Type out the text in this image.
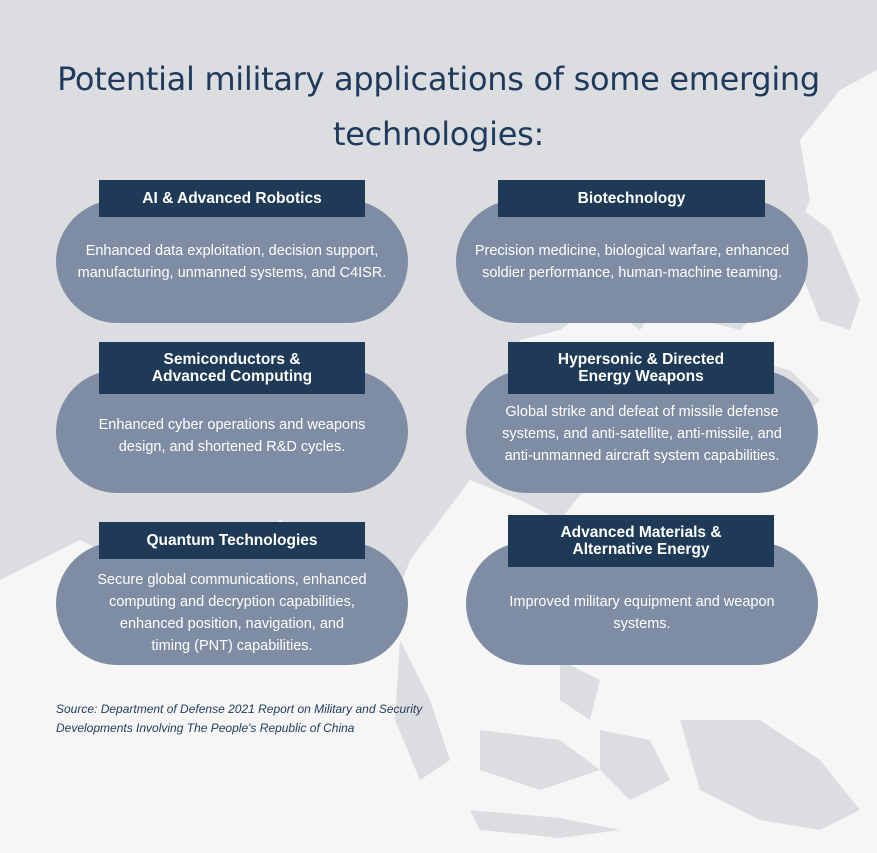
Potential military applications of some emerging technologies:
Enhanced data exploitation, decision support,
manufacturing, unmanned systems, and C4ISR.
AI & Advanced Robotics
Precision medicine, biological warfare, enhanced
soldier performance, human-machine teaming.
Biotechnology
Enhanced cyber operations and weapons
design, and shortened R&D cycles.
Semiconductors &
Advanced Computing
Global strike and defeat of missile defense
systems, and anti-satellite, anti-missile, and
anti-unmanned aircraft system capabilities.
Hypersonic & Directed
Energy Weapons
Secure global communications, enhanced
computing and decryption capabilities,
enhanced position, navigation, and
timing (PNT) capabilities.
Quantum Technologies
Improved military equipment and weapon
systems.
Advanced Materials &
Alternative Energy
Source: Department of Defense 2021 Report on Military and Security
Developments Involving The People's Republic of China
